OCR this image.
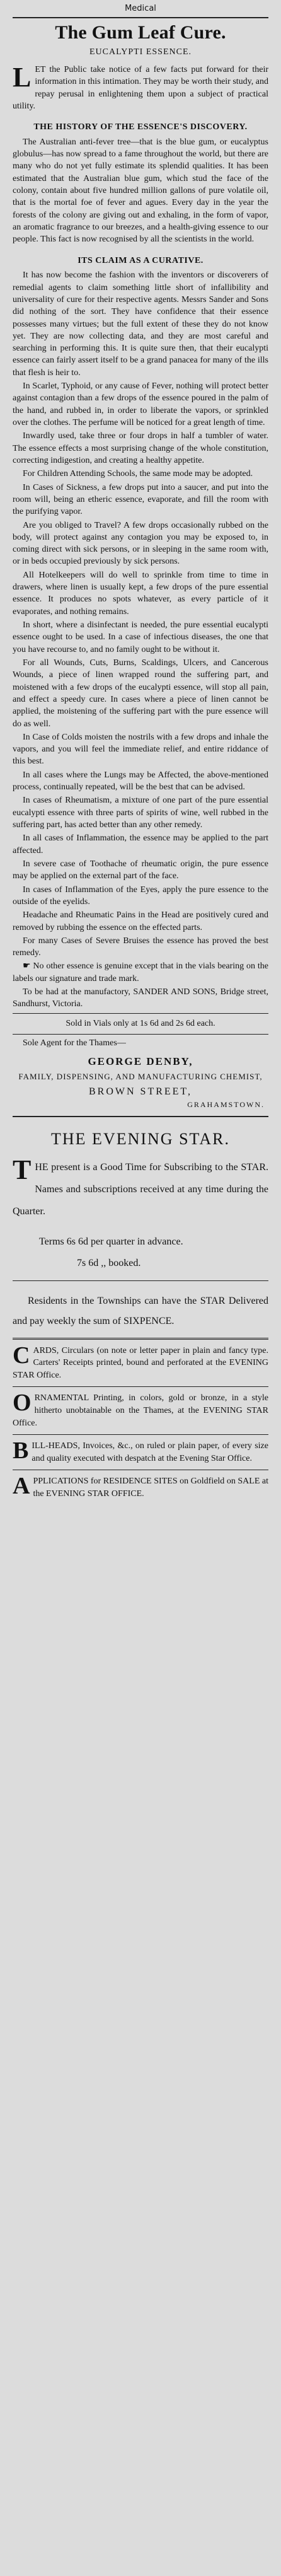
Medical
The Gum Leaf Cure.
EUCALYPTI ESSENCE.

LET the Public take notice of a few facts put forward for their information in this intimation. They may be worth their study, and repay perusal in enlightening them upon a subject of practical utility.

THE HISTORY OF THE ESSENCE'S DISCOVERY.

The Australian anti-fever tree—that is the blue gum, or eucalyptus globulus—has now spread to a fame throughout the world, but there are many who do not yet fully estimate its splendid qualities. It has been estimated that the Australian blue gum, which stud the face of the colony, contain about five hundred million gallons of pure volatile oil, that is the mortal foe of fever and agues. Every day in the year the forests of the colony are giving out and exhaling, in the form of vapor, an aromatic fragrance to our breezes, and a health-giving essence to our people. This fact is now recognised by all the scientists in the world.

ITS CLAIM AS A CURATIVE.

It has now become the fashion with the inventors or discoverers of remedial agents to claim something little short of infallibility and universality of cure for their respective agents. Messrs Sander and Sons did nothing of the sort. They have confidence that their essence possesses many virtues; but the full extent of these they do not know yet. They are now collecting data, and they are most careful and searching in performing this. It is quite sure then, that their eucalypti essence can fairly assert itself to be a grand panacea for many of the ills that flesh is heir to.

In Scarlet, Typhoid, or any cause of Fever, nothing will protect better against contagion than a few drops of the essence poured in the palm of the hand, and rubbed in, in order to liberate the vapors, or sprinkled over the clothes. The perfume will be noticed for a great length of time.

Inwardly used, take three or four drops in half a tumbler of water. The essence effects a most surprising change of the whole constitution, correcting indigestion, and creating a healthy appetite.

For Children Attending Schools, the same mode may be adopted.

In Cases of Sickness, a few drops put into a saucer, and put into the room will, being an etheric essence, evaporate, and fill the room with the purifying vapor.

Are you obliged to Travel? A few drops occasionally rubbed on the body, will protect against any contagion you may be exposed to, in coming direct with sick persons, or in sleeping in the same room with, or in beds occupied previously by sick persons.

All Hotelkeepers will do well to sprinkle from time to time in drawers, where linen is usually kept, a few drops of the pure essential essence. It produces no spots whatever, as every particle of it evaporates, and nothing remains.

In short, where a disinfectant is needed, the pure essential eucalypti essence ought to be used. In a case of infectious diseases, the one that you have recourse to, and no family ought to be without it.

For all Wounds, Cuts, Burns, Scaldings, Ulcers, and Cancerous Wounds, a piece of linen wrapped round the suffering part, and moistened with a few drops of the eucalypti essence, will stop all pain, and effect a speedy cure. In cases where a piece of linen cannot be applied, the moistening of the suffering part with the pure essence will do as well.

In Case of Colds moisten the nostrils with a few drops and inhale the vapors, and you will feel the immediate relief, and entire riddance of this best.

In all cases where the Lungs may be Affected, the above-mentioned process, continually repeated, will be the best that can be advised.

In cases of Rheumatism, a mixture of one part of the pure essential eucalypti essence with three parts of spirits of wine, well rubbed in the suffering part, has acted better than any other remedy.

In all cases of Inflammation, the essence may be applied to the part affected.

In severe case of Toothache of rheumatic origin, the pure essence may be applied on the external part of the face.

In cases of Inflammation of the Eyes, apply the pure essence to the outside of the eyelids.

Headache and Rheumatic Pains in the Head are positively cured and removed by rubbing the essence on the effected parts.

For many Cases of Severe Bruises the essence has proved the best remedy.

☛ No other essence is genuine except that in the vials bearing on the labels our signature and trade mark.

To be had at the manufactory, SANDER AND SONS, Bridge street, Sandhurst, Victoria.

Sold in Vials only at 1s 6d and 2s 6d each.

Sole Agent for the Thames—

GEORGE DENBY,
FAMILY, DISPENSING, AND MANUFACTURING CHEMIST,
BROWN STREET,
GRAHAMSTOWN.
THE EVENING STAR.

THE present is a Good Time for Subscribing to the STAR. Names and subscriptions received at any time during the Quarter.

Terms 6s 6d per quarter in advance.
7s 6d ,, booked.

Residents in the Townships can have the STAR Delivered and pay weekly the sum of SIXPENCE.

CARDS, Circulars (on note or letter paper in plain and fancy type. Carters' Receipts printed, bound and perforated at the EVENING STAR Office.

ORNAMENTAL Printing, in colors, gold or bronze, in a style hitherto unobtainable on the Thames, at the EVENING STAR Office.

BILL-HEADS, Invoices, &c., on ruled or plain paper, of every size and quality executed with despatch at the Evening Star Office.

APPLICATIONS for RESIDENCE SITES on Goldfield on SALE at the EVENING STAR OFFICE.
